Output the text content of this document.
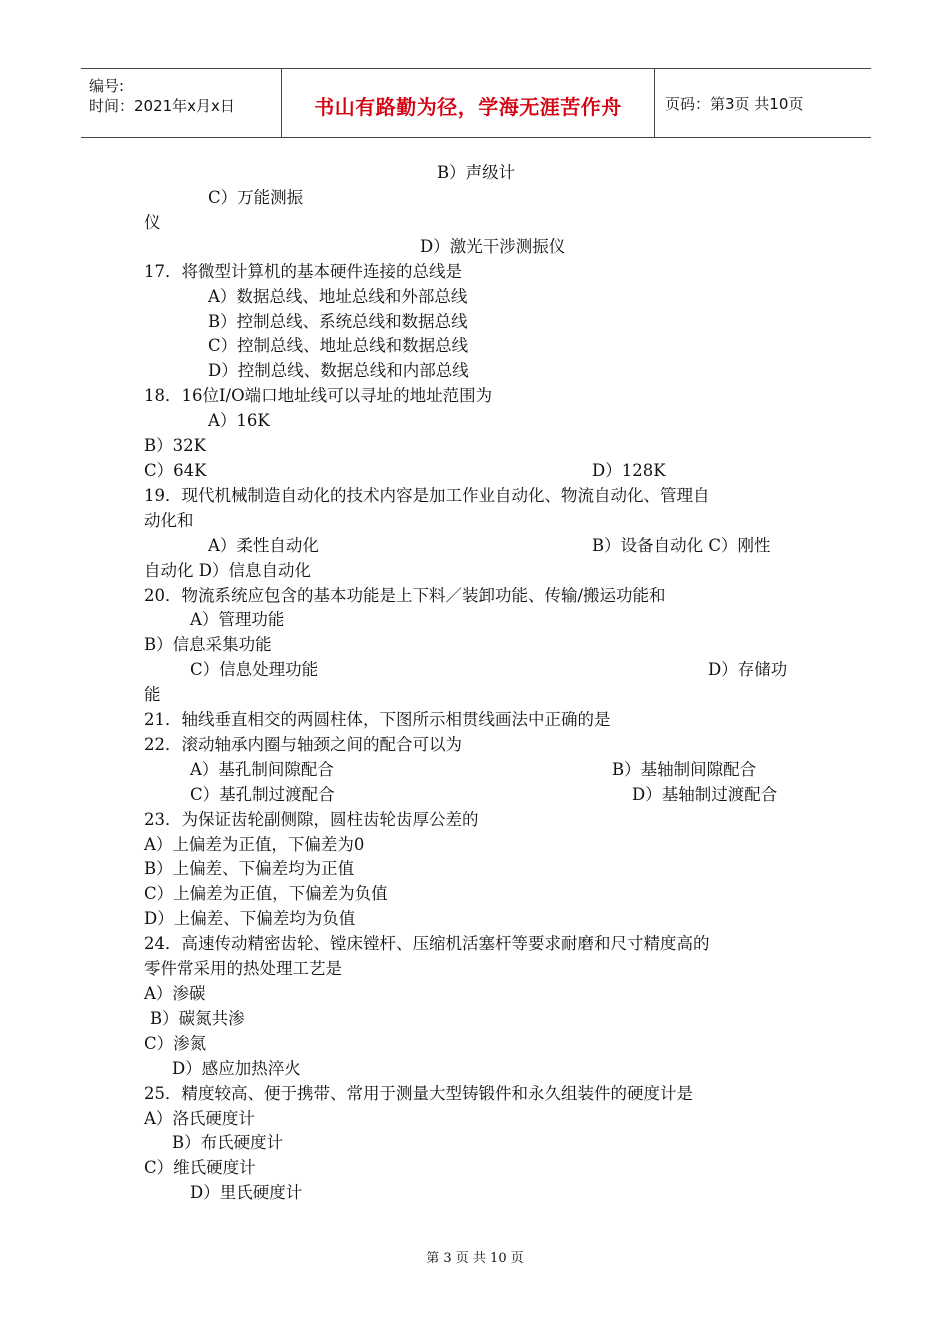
编号:
时间：2021年x月x日	书山有路勤为径，学海无涯苦作舟	页码：第3页 共10页
B）声级计
C）万能测振
仪
D）激光干涉测振仪
17．将微型计算机的基本硬件连接的总线是
A）数据总线、地址总线和外部总线
B）控制总线、系统总线和数据总线
C）控制总线、地址总线和数据总线
D）控制总线、数据总线和内部总线
18．16位I/O端口地址线可以寻址的地址范围为
A）16K
B）32K
C）64K	D）128K
19．现代机械制造自动化的技术内容是加工作业自动化、物流自动化、管理自
动化和
A）柔性自动化	B）设备自动化 C）刚性
自动化 D）信息自动化
20．物流系统应包含的基本功能是上下料／装卸功能、传输/搬运功能和
A）管理功能
B）信息采集功能
C）信息处理功能	D）存储功
能
21．轴线垂直相交的两圆柱体，下图所示相贯线画法中正确的是
22．滚动轴承内圈与轴颈之间的配合可以为
A）基孔制间隙配合	B）基轴制间隙配合
C）基孔制过渡配合	D）基轴制过渡配合
23．为保证齿轮副侧隙，圆柱齿轮齿厚公差的
A）上偏差为正值，下偏差为0
B）上偏差、下偏差均为正值
C）上偏差为正值，下偏差为负值
D）上偏差、下偏差均为负值
24．高速传动精密齿轮、镗床镗杆、压缩机活塞杆等要求耐磨和尺寸精度高的
零件常采用的热处理工艺是
A）渗碳
B）碳氮共渗
C）渗氮
D）感应加热淬火
25．精度较高、便于携带、常用于测量大型铸锻件和永久组装件的硬度计是
A）洛氏硬度计
B）布氏硬度计
C）维氏硬度计
D）里氏硬度计
第 3 页 共 10 页
